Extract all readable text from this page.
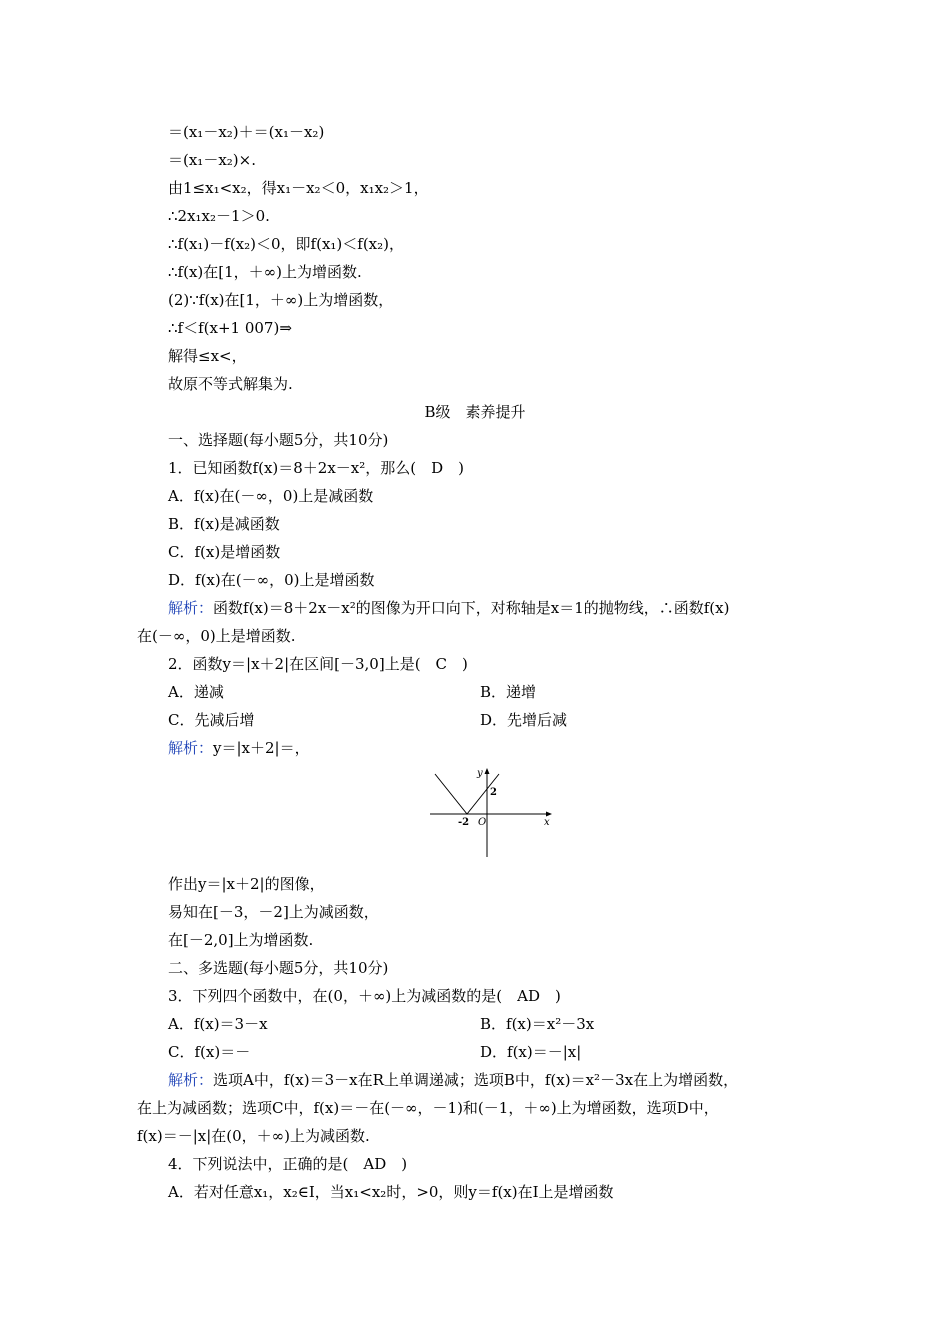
＝(x₁－x₂)＋＝(x₁－x₂)
＝(x₁－x₂)×.
由1≤x₁<x₂，得x₁－x₂＜0，x₁x₂＞1，
∴2x₁x₂－1＞0.
∴f(x₁)－f(x₂)＜0，即f(x₁)＜f(x₂)，
∴f(x)在[1，＋∞)上为增函数.
(2)∵f(x)在[1，＋∞)上为增函数，
∴f＜f(x+1 007)⇒
解得≤x<，
故原不等式解集为.
B级　素养提升
一、选择题(每小题5分，共10分)
1．已知函数f(x)＝8＋2x－x²，那么(　D　)
A．f(x)在(－∞，0)上是减函数
B．f(x)是减函数
C．f(x)是增函数
D．f(x)在(－∞，0)上是增函数
解析：函数f(x)＝8＋2x－x²的图像为开口向下，对称轴是x＝1的抛物线，∴函数f(x)
在(－∞，0)上是增函数.
2．函数y＝|x＋2|在区间[－3,0]上是(　C　)
A．递减	B．递增
C．先减后增	D．先增后减
解析：y＝|x＋2|＝，
y
x
O
-2
2
作出y＝|x＋2|的图像，
易知在[－3，－2]上为减函数，
在[－2,0]上为增函数.
二、多选题(每小题5分，共10分)
3．下列四个函数中，在(0，＋∞)上为减函数的是(　AD　)
A．f(x)＝3－x	B．f(x)＝x²－3x
C．f(x)＝－	D．f(x)＝－|x|
解析：选项A中，f(x)＝3－x在R上单调递减；选项B中，f(x)＝x²－3x在上为增函数，
在上为减函数；选项C中，f(x)＝－在(－∞，－1)和(－1，＋∞)上为增函数，选项D中，
f(x)＝－|x|在(0，＋∞)上为减函数.
4．下列说法中，正确的是(　AD　)
A．若对任意x₁，x₂∈I，当x₁<x₂时，>0，则y＝f(x)在I上是增函数
